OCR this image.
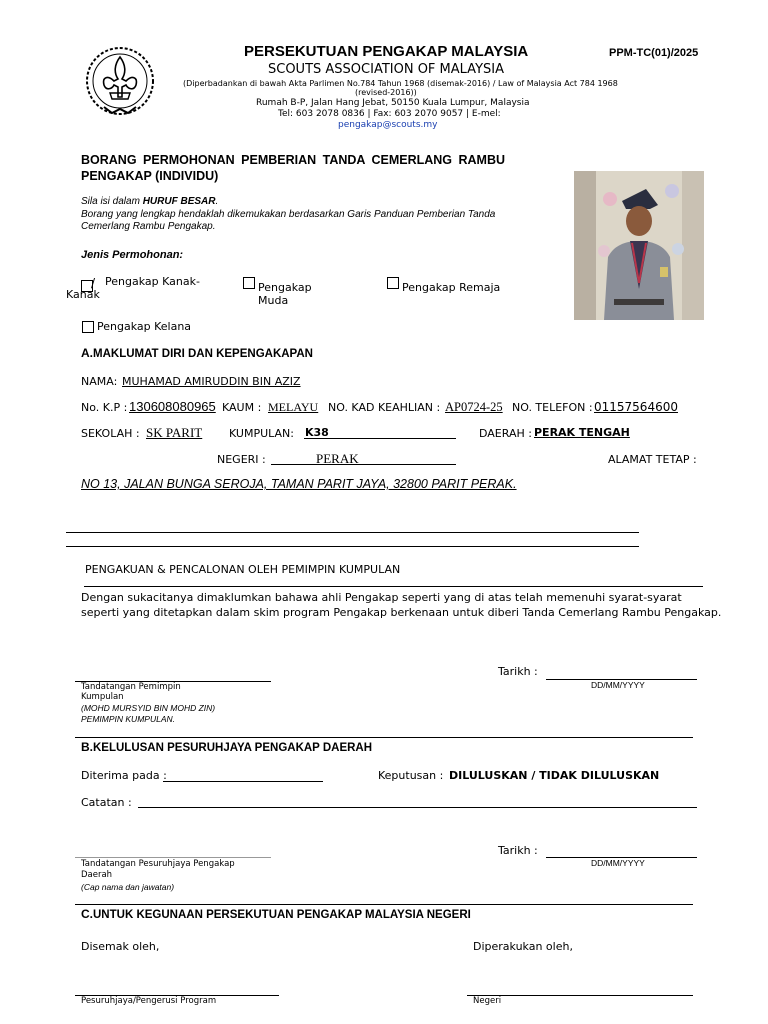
PERSEKUTUAN PENGAKAP MALAYSIA	PPM-TC(01)/2025
SCOUTS ASSOCIATION OF MALAYSIA
(Diperbadankan di bawah Akta Parlimen No.784 Tahun 1968 (disemak-2016) / Law of Malaysia Act 784 1968
(revised-2016))
Rumah B-P, Jalan Hang Jebat, 50150 Kuala Lumpur, Malaysia
Tel: 603 2078 0836 | Fax: 603 2070 9057 | E-mel:
pengakap@scouts.my
BORANG PERMOHONAN PEMBERIAN TANDA CEMERLANG RAMBU
PENGAKAP (INDIVIDU)
Sila isi dalam HURUF BESAR.
Borang yang lengkap hendaklah dikemukakan berdasarkan Garis Panduan Pemberian Tanda
Cemerlang Rambu Pengakap.
Jenis Permohonan:
/ Pengakap Kanak-
Kanak
Pengakap
Muda
Pengakap Remaja
Pengakap Kelana
A.MAKLUMAT DIRI DAN KEPENGAKAPAN
NAMA: MUHAMAD AMIRUDDIN BIN AZIZ
No. K.P : 130608080965 KAUM : MELAYU NO. KAD KEAHLIAN : AP0724-25 NO. TELEFON : 01157564600
SEKOLAH : SK PARIT KUMPULAN: K38	DAERAH : PERAK TENGAH
NEGERI :	PERAK	ALAMAT TETAP :
NO 13, JALAN BUNGA SEROJA, TAMAN PARIT JAYA, 32800 PARIT PERAK.
PENGAKUAN & PENCALONAN OLEH PEMIMPIN KUMPULAN
Dengan sukacitanya dimaklumkan bahawa ahli Pengakap seperti yang di atas telah memenuhi syarat-syarat
seperti yang ditetapkan dalam skim program Pengakap berkenaan untuk diberi Tanda Cemerlang Rambu Pengakap.
Tarikh :
DD/MM/YYYY
Tandatangan Pemimpin
Kumpulan
(MOHD MURSYID BIN MOHD ZIN)
PEMIMPIN KUMPULAN.
B.KELULUSAN PESURUHJAYA PENGAKAP DAERAH
Diterima pada :	Keputusan : DILULUSKAN / TIDAK DILULUSKAN
Catatan :
Tarikh :
DD/MM/YYYY
Tandatangan Pesuruhjaya Pengakap
Daerah
(Cap nama dan jawatan)
C.UNTUK KEGUNAAN PERSEKUTUAN PENGAKAP MALAYSIA NEGERI
Disemak oleh,	Diperakukan oleh,
Pesuruhjaya/Pengerusi Program	Negeri
